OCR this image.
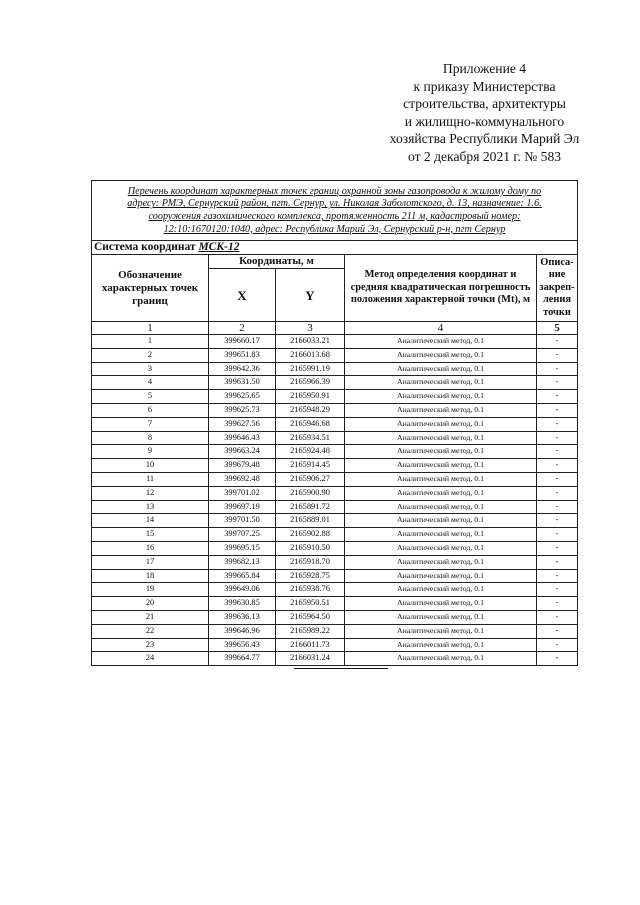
Приложение 4
к приказу Министерства
строительства, архитектуры
и жилищно-коммунального
хозяйства Республики Марий Эл
от 2 декабря 2021 г. № 583
Перечень координат характерных точек границ охранной зоны газопровода к жилому дому по
адресу: РМЭ, Сернурский район, пгт. Сернур, ул. Николая Заболотского, д. 13, назначение: 1.6.
сооружения газохимического комплекса, протяженность 211 м, кадастровый номер:
12:10:1670120:1040, адрес: Республика Марий Эл, Сернурский р-н, пгт Сернур				

Система координат МСК-12				
Обозначение характерных точек границ	Координаты, м		Метод определения координат и средняя квадратическая погрешность положения характерной точки (Mt), м	Описа- ние закреп- ления точки
	X	Y		
1	2	3	4	5
1	399660.17	2166033.21	Аналитический метод, 0.1	-
2	399651.83	2166013.68	Аналитический метод, 0.1	-
3	399642.36	2165991.19	Аналитический метод, 0.1	-
4	399631.50	2165966.39	Аналитический метод, 0.1	-
5	399625.65	2165950.91	Аналитический метод, 0.1	-
6	399625.73	2165948.29	Аналитический метод, 0.1	-
7	399627.56	2165946.68	Аналитический метод, 0.1	-
8	399646.43	2165934.51	Аналитический метод, 0.1	-
9	399663.24	2165924.48	Аналитический метод, 0.1	-
10	399679.48	2165914.45	Аналитический метод, 0.1	-
11	399692.48	2165906.27	Аналитический метод, 0.1	-
12	399701.02	2165900.90	Аналитический метод, 0.1	-
13	399697.19	2165891.72	Аналитический метод, 0.1	-
14	399701.50	2165889.01	Аналитический метод, 0.1	-
15	399707.25	2165902.88	Аналитический метод, 0.1	-
16	399695.15	2165910.50	Аналитический метод, 0.1	-
17	399682.13	2165918.70	Аналитический метод, 0.1	-
18	399665.84	2165928.75	Аналитический метод, 0.1	-
19	399649.06	2165938.76	Аналитический метод, 0.1	-
20	399630.85	2165950.51	Аналитический метод, 0.1	-
21	399636.13	2165964.50	Аналитический метод, 0.1	-
22	399646.96	2165989.22	Аналитический метод, 0.1	-
23	399656.43	2166011.73	Аналитический метод, 0.1	-
24	399664.77	2166031.24	Аналитический метод, 0.1	-
